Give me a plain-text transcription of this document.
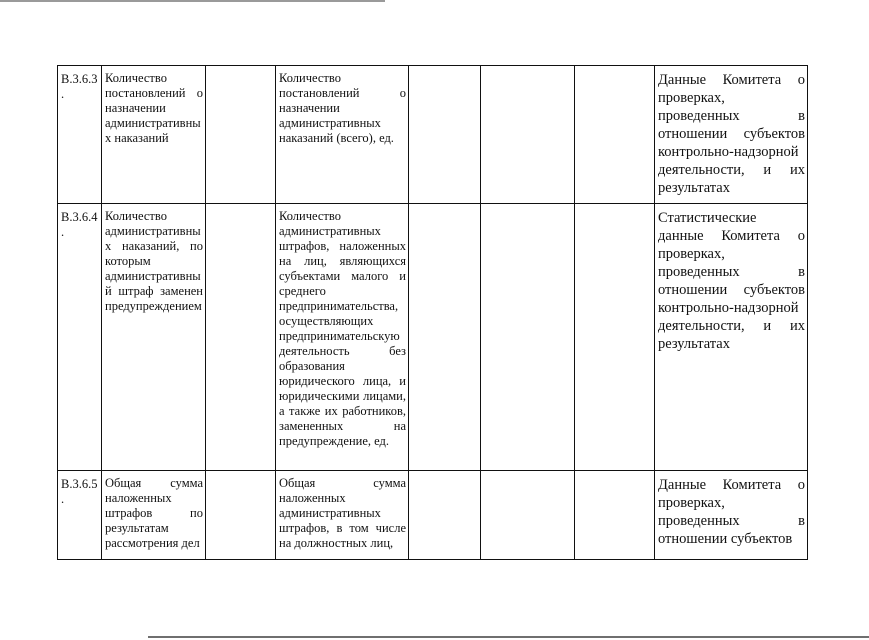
В.3.6.3 .	Количество постановлений о назначении административны х наказаний		Количество постановлений о назначении административных наказаний (всего), ед.				Данные Комитета о проверках, проведенных в отношении субъектов контрольно-надзорной деятельности, и их результатах
В.3.6.4 .	Количество административны х наказаний, по которым административны й штраф заменен предупреждением		Количество административных штрафов, наложенных на лиц, являющихся субъектами малого и среднего предпринимательства, осуществляющих предпринимательскую деятельность без образования юридического лица, и юридическими лицами, а также их работников, замененных на предупреждение, ед.				Статистические данные Комитета о проверках, проведенных в отношении субъектов контрольно-надзорной деятельности, и их результатах
В.3.6.5 .	Общая сумма наложенных штрафов по результатам рассмотрения дел		Общая сумма наложенных административных штрафов, в том числе на должностных лиц,				Данные Комитета о проверках, проведенных в отношении субъектов
